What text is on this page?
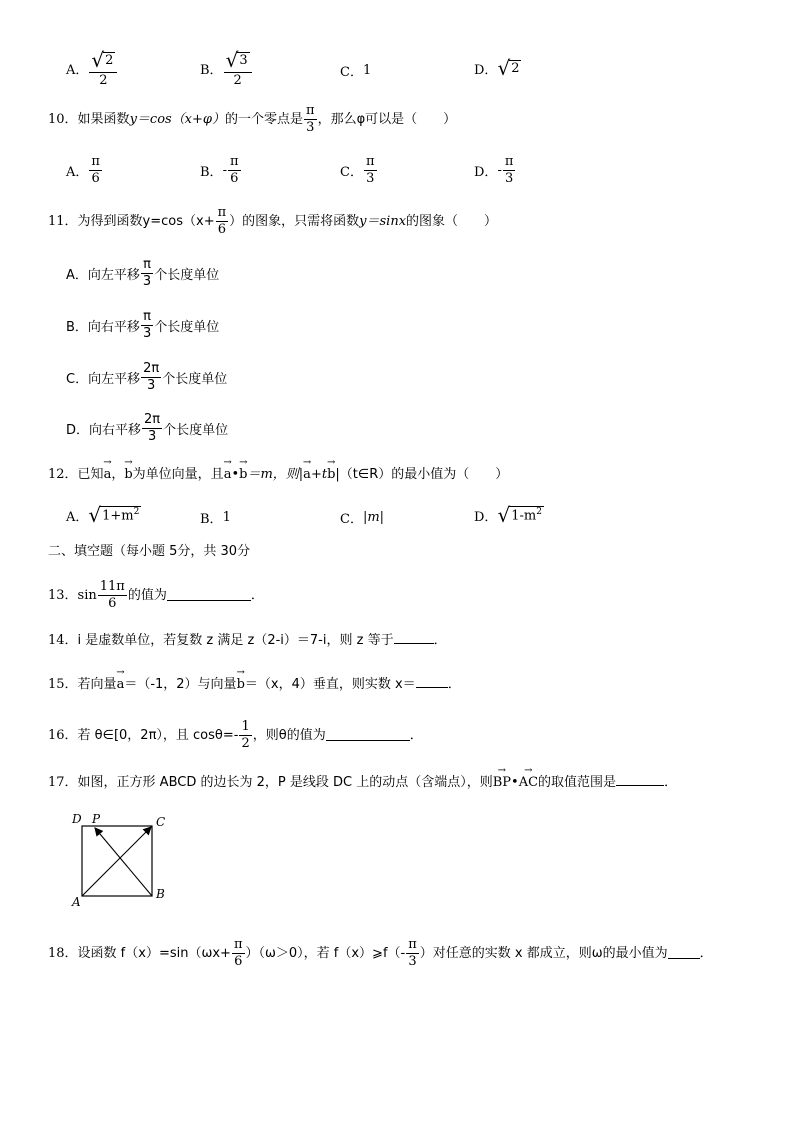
A． $\frac{√ 2}{2}$	B． $\frac{√ 3}{2}$	C． 1	D． √ 2
10． 如果函数 y＝cos（x+φ） 的一个零点是 $\frac{\pi}{3}$ ，那么φ可以是（　　）
A． $\frac{\pi}{6}$	B． - $\frac{\pi}{6}$	C． $\frac{\pi}{3}$	D． - $\frac{\pi}{3}$
11． 为得到函数$y=\cos(x+ \frac{\pi}{6}$ ）的图象，只需将函数 y＝sinx 的图象（　　）
A． 向左平移 $\frac{\pi}{3}$ 个长度单位
B． 向右平移 $\frac{\pi}{3}$ 个长度单位
C． 向左平移 $\frac{2\pi}{3}$ 个长度单位
D． 向右平移 $\frac{2\pi}{3}$ 个长度单位
12．已知→ a，→ b为单位向量，且→ a•→ b＝m，则|→ a+t→ b|（t∈R）的最小值为（　　）
A． √ $1+m^2$	B． 1	C． |m|	D． √ $1-m^2$
二、填空题（每小题 5分，共 30分
13． $\sin \frac{11\pi}{6}$ 的值为	．
14．i 是虚数单位，若复数 z 满足 z（2-i）＝7-i，则 z 等于	．
15．若向量→ a＝（-1，2）与向量→ b＝（x，4）垂直，则实数 x＝ ．
16． 若 θ∈[0，2π），且 $\cos\theta=- \frac{1}{2}$ ，则θ的值为	．
17．如图，正方形 ABCD 的边长为 2，P 是线段 DC 上的动点（含端点），则→ BP•→ AC的取值范围是	．
D P	C
B
A
18． 设函数 $f(x)=\sin(\omega x+ \frac{\pi}{6} )(\omega>0)$，若 f（x）⩾f（- $\frac{\pi}{3}$ ）对任意的实数 x 都成立，则ω的最小值为 ．
